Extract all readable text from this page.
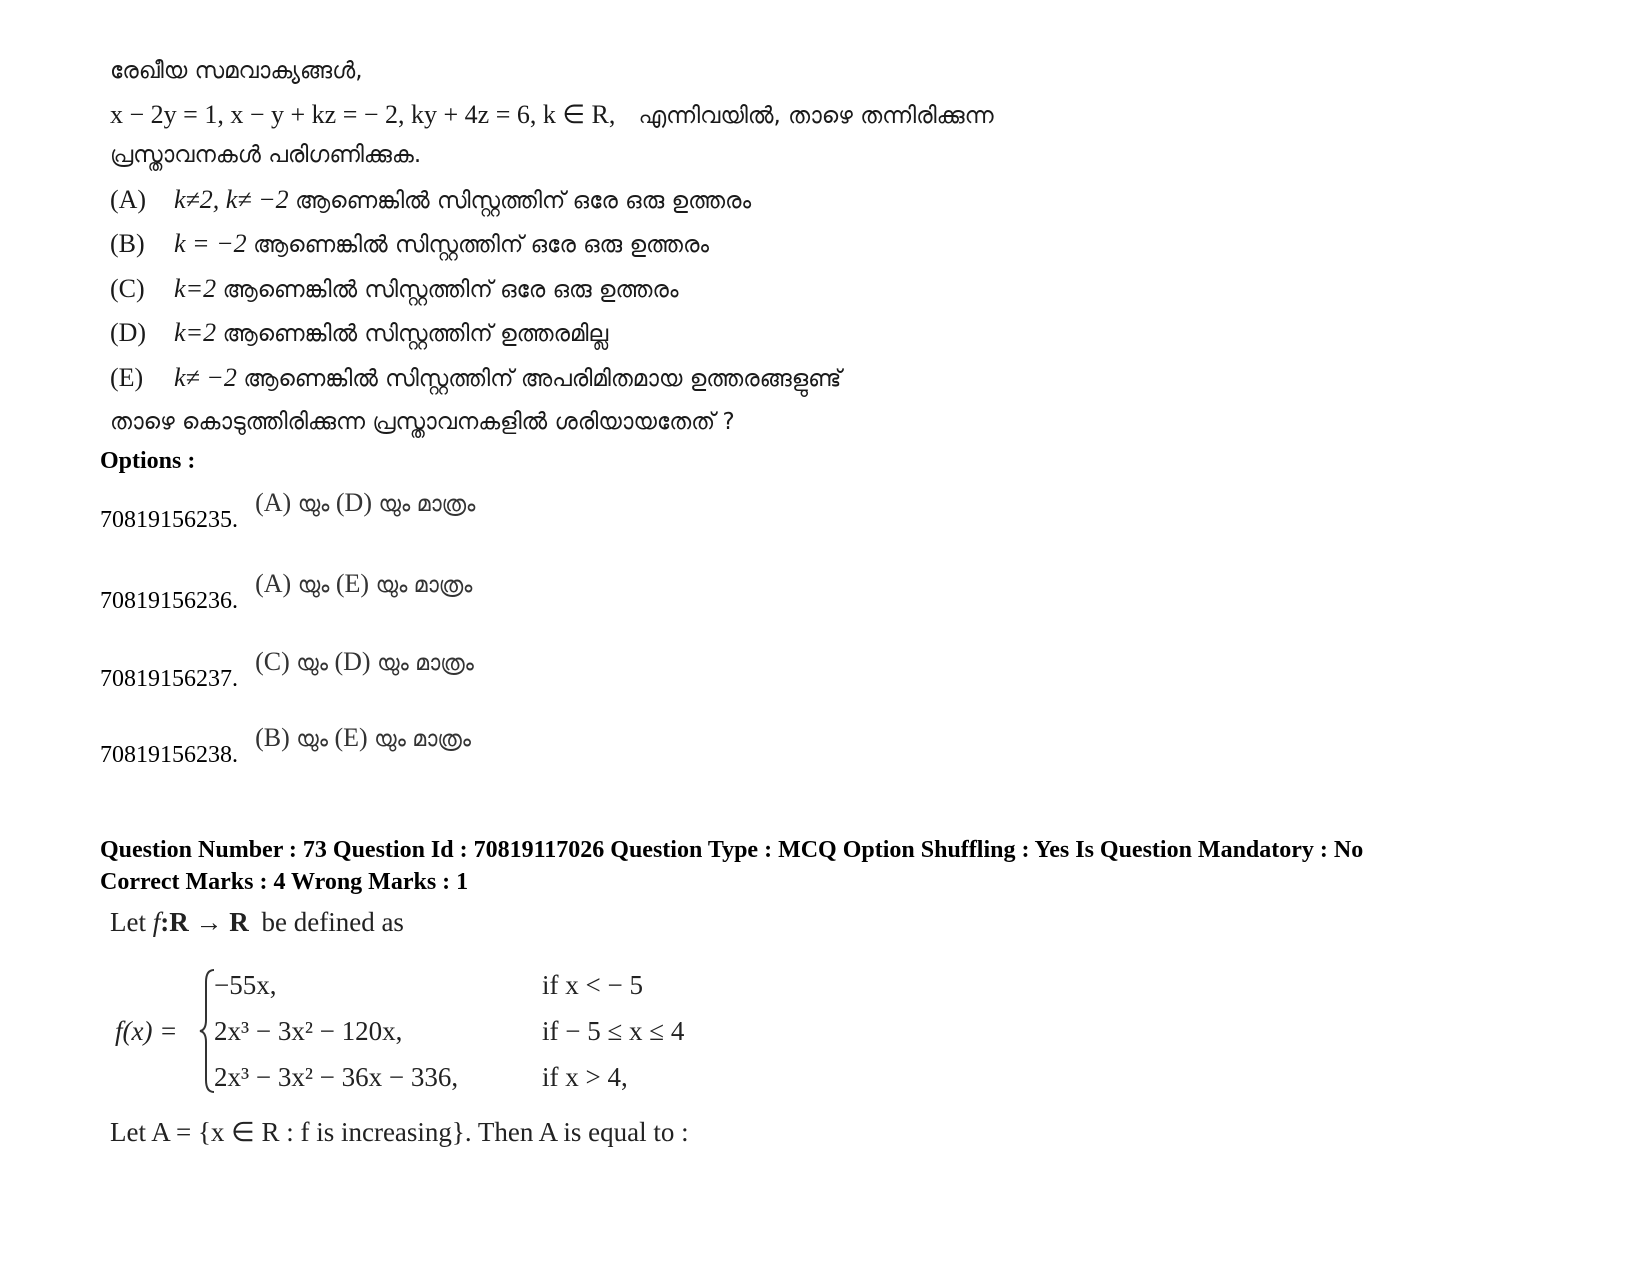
രേഖീയ സമവാക്യങ്ങൾ,
x − 2y = 1, x − y + kz = − 2, ky + 4z = 6, k ∈ R, എന്നിവയിൽ, താഴെ തന്നിരിക്കുന്ന
പ്രസ്താവനകൾ പരിഗണിക്കുക.
(A) k≠2, k≠ −2 ആണെങ്കിൽ സിസ്റ്റത്തിന് ഒരേ ഒരു ഉത്തരം
(B) k = −2 ആണെങ്കിൽ സിസ്റ്റത്തിന് ഒരേ ഒരു ഉത്തരം
(C) k=2 ആണെങ്കിൽ സിസ്റ്റത്തിന് ഒരേ ഒരു ഉത്തരം
(D) k=2 ആണെങ്കിൽ സിസ്റ്റത്തിന് ഉത്തരമില്ല
(E) k≠ −2 ആണെങ്കിൽ സിസ്റ്റത്തിന് അപരിമിതമായ ഉത്തരങ്ങളുണ്ട്
താഴെ കൊടുത്തിരിക്കുന്ന പ്രസ്താവനകളിൽ ശരിയായതേത് ?
Options :
70819156235. (A) യും (D) യും മാത്രം
70819156236. (A) യും (E) യും മാത്രം
70819156237. (C) യും (D) യും മാത്രം
70819156238. (B) യും (E) യും മാത്രം
Question Number : 73 Question Id : 70819117026 Question Type : MCQ Option Shuffling : Yes Is Question Mandatory : No
Correct Marks : 4 Wrong Marks : 1
Let f:R → R be defined as
f(x) =
−55x,	if x < − 5
2x³ − 3x² − 120x,	if − 5 ≤ x ≤ 4
2x³ − 3x² − 36x − 336,	if x > 4,
Let A = {x ∈ R : f is increasing}. Then A is equal to :
